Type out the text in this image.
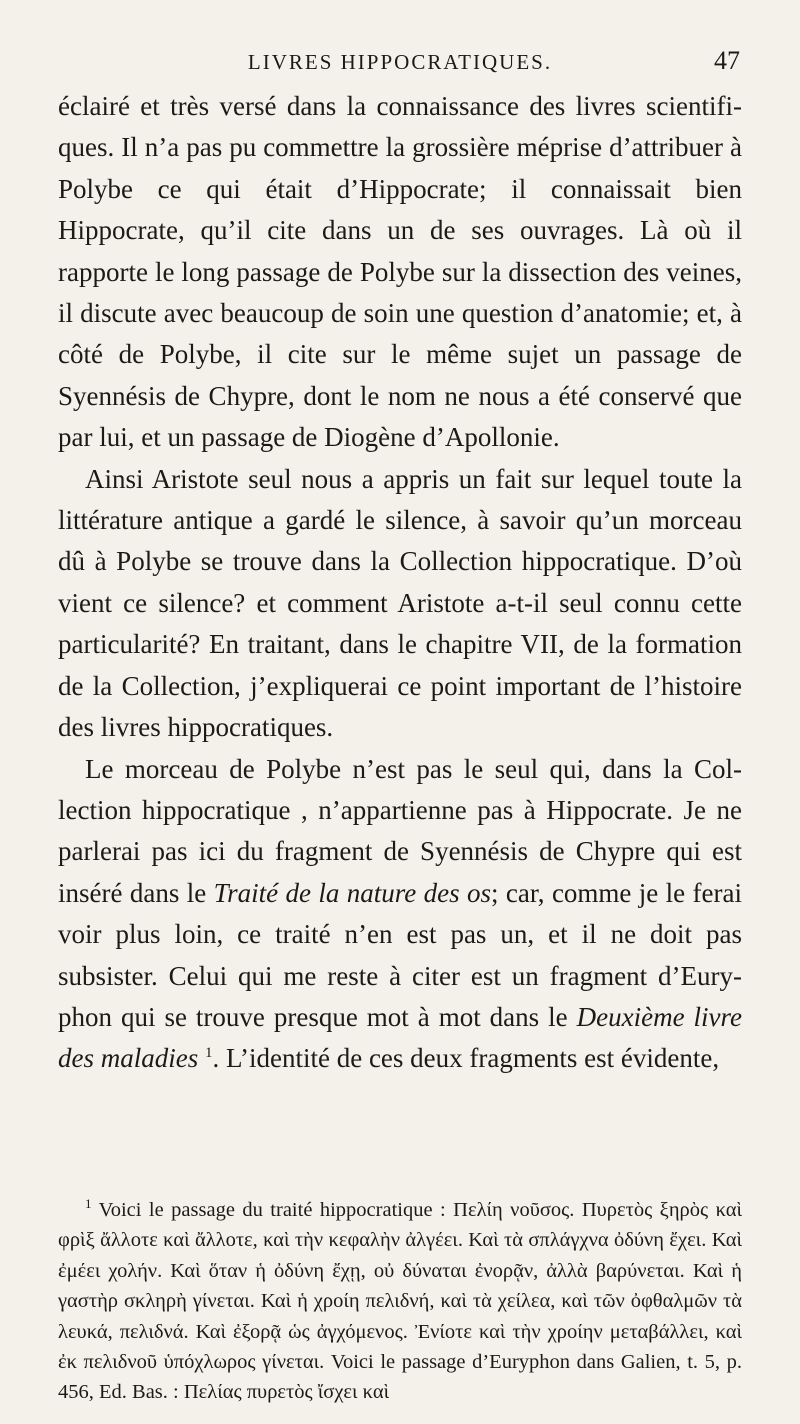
LIVRES HIPPOCRATIQUES.	47

éclairé et très versé dans la connaissance des livres scientifiques. Il n’a pas pu commettre la grossière méprise d’attribuer à Polybe ce qui était d’Hippocrate; il connaissait bien Hippocrate, qu’il cite dans un de ses ouvrages. Là où il rapporte le long passage de Polybe sur la dissection des veines, il discute avec beaucoup de soin une question d’anatomie; et, à côté de Polybe, il cite sur le même sujet un passage de Syennésis de Chypre, dont le nom ne nous a été conservé que par lui, et un passage de Diogène d’Apollonie.

Ainsi Aristote seul nous a appris un fait sur lequel toute la littérature antique a gardé le silence, à savoir qu’un morceau dû à Polybe se trouve dans la Collection hippocratique. D’où vient ce silence? et comment Aristote a-t-il seul connu cette particularité? En traitant, dans le chapitre VII, de la formation de la Collection, j’expliquerai ce point important de l’histoire des livres hippocratiques.

Le morceau de Polybe n’est pas le seul qui, dans la Collection hippocratique , n’appartienne pas à Hippocrate. Je ne parlerai pas ici du fragment de Syennésis de Chypre qui est inséré dans le Traité de la nature des os; car, comme je le ferai voir plus loin, ce traité n’en est pas un, et il ne doit pas subsister. Celui qui me reste à citer est un fragment d’Euryphon qui se trouve presque mot à mot dans le Deuxième livre des maladies $^1$. L’identité de ces deux fragments est évidente,

$^1$ Voici le passage du traité hippocratique : Πελίη νοῦσος. Πυρετὸς ξηρὸς καὶ φρὶξ ἄλλοτε καὶ ἄλλοτε, καὶ τὴν κεφαλὴν ἀλγέει. Καὶ τὰ σπλάγχνα ὀδύνη ἔχει. Καὶ ἐμέει χολήν. Καὶ ὅταν ἡ ὀδύνη ἔχῃ, οὐ δύναται ἐνορᾷν, ἀλλὰ βαρύνεται. Καὶ ἡ γαστὴρ σκληρὴ γίνεται. Καὶ ἡ χροίη πελιδνή, καὶ τὰ χείλεα, καὶ τῶν ὀφθαλμῶν τὰ λευκά, πελιδνά. Καὶ ἐξορᾷ ὡς ἀγχόμενος. Ἐνίοτε καὶ τὴν χροίην μεταβάλλει, καὶ ἐκ πελιδνοῦ ὑπόχλωρος γίνεται. Voici le passage d’Euryphon dans Galien, t. 5, p. 456, Ed. Bas. : Πελίας πυρετὸς ἴσχει καὶ
